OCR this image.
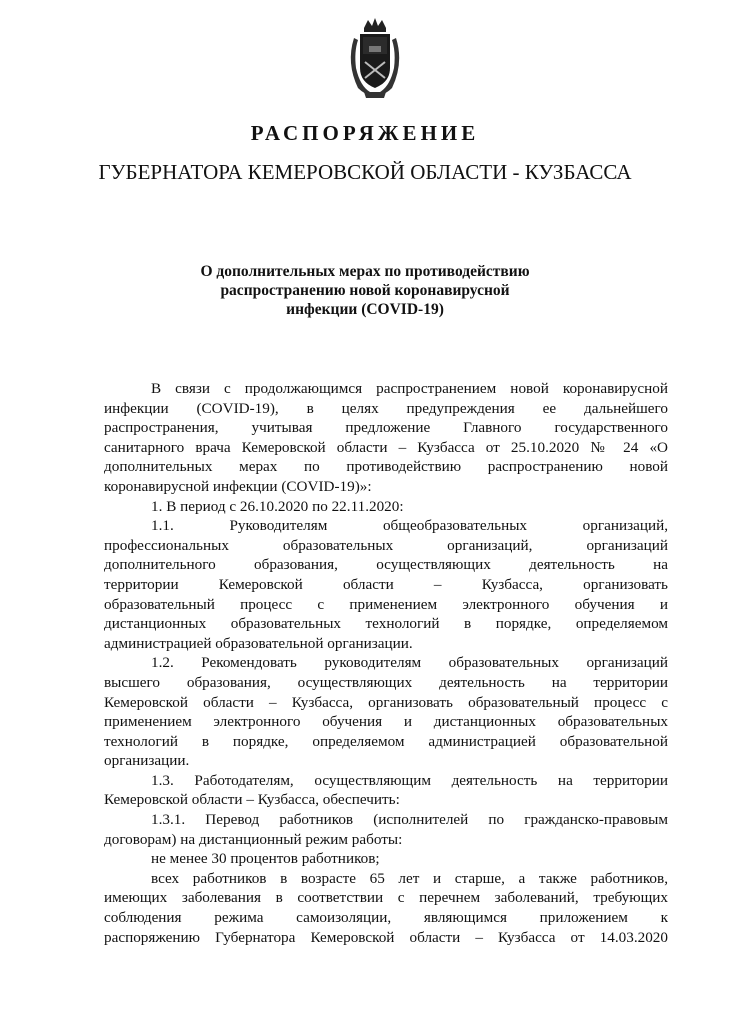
РАСПОРЯЖЕНИЕ
ГУБЕРНАТОРА КЕМЕРОВСКОЙ ОБЛАСТИ - КУЗБАССА
О дополнительных мерах по противодействию
распространению новой коронавирусной
инфекции (COVID-19)
В связи с продолжающимся распространением новой коронавирусной
инфекции (COVID-19), в целях предупреждения ее дальнейшего
распространения, учитывая предложение Главного государственного
санитарного врача Кемеровской области – Кузбасса от 25.10.2020 № 24 «О
дополнительных мерах по противодействию распространению новой
коронавирусной инфекции (COVID-19)»:
1. В период с 26.10.2020 по 22.11.2020:
1.1. Руководителям общеобразовательных организаций,
профессиональных образовательных организаций, организаций
дополнительного образования, осуществляющих деятельность на
территории Кемеровской области – Кузбасса, организовать
образовательный процесс с применением электронного обучения и
дистанционных образовательных технологий в порядке, определяемом
администрацией образовательной организации.
1.2. Рекомендовать руководителям образовательных организаций
высшего образования, осуществляющих деятельность на территории
Кемеровской области – Кузбасса, организовать образовательный процесс с
применением электронного обучения и дистанционных образовательных
технологий в порядке, определяемом администрацией образовательной
организации.
1.3. Работодателям, осуществляющим деятельность на территории
Кемеровской области – Кузбасса, обеспечить:
1.3.1. Перевод работников (исполнителей по гражданско-правовым
договорам) на дистанционный режим работы:
не менее 30 процентов работников;
всех работников в возрасте 65 лет и старше, а также работников,
имеющих заболевания в соответствии с перечнем заболеваний, требующих
соблюдения режима самоизоляции, являющимся приложением к
распоряжению Губернатора Кемеровской области – Кузбасса от 14.03.2020
